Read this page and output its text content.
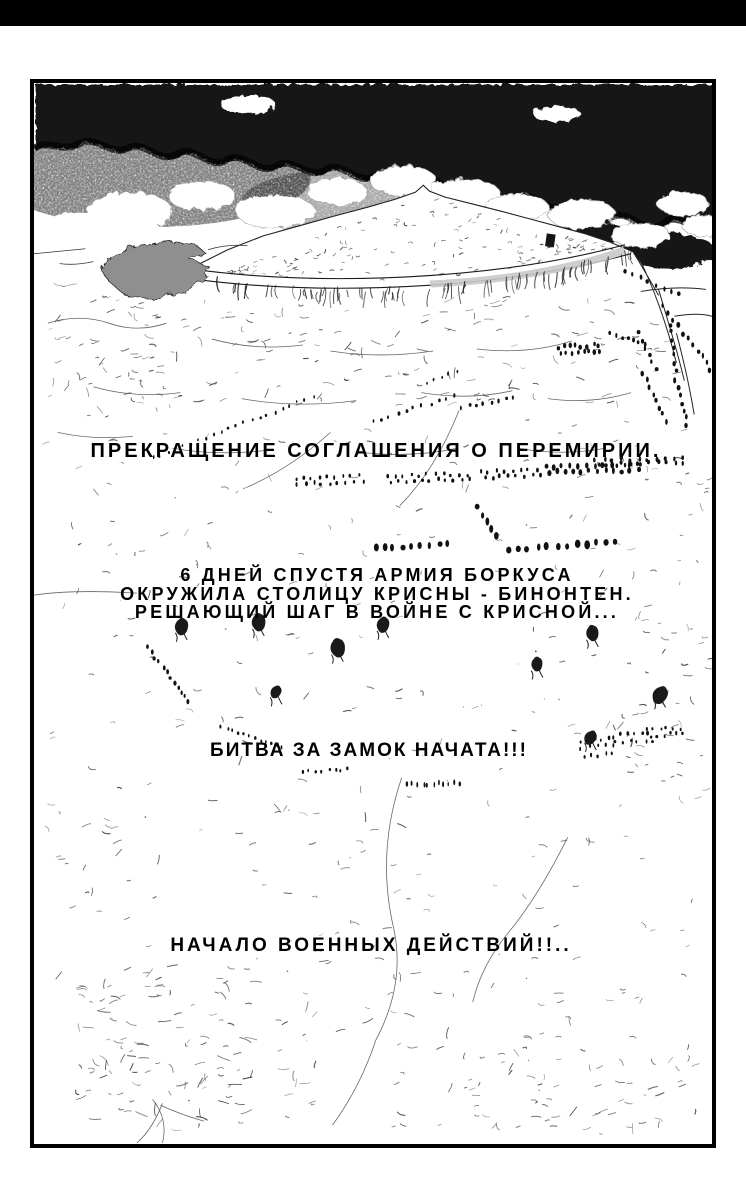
ПРЕКРАЩЕНИЕ СОГЛАШЕНИЯ О ПЕРЕМИРИИ.
6 ДНЕЙ СПУСТЯ АРМИЯ БОРКУСА
ОКРУЖИЛА СТОЛИЦУ КРИСНЫ - БИНОНТЕН.
РЕШАЮЩИЙ ШАГ В ВОЙНЕ С КРИСНОЙ...
БИТВА ЗА ЗАМОК НАЧАТА!!!
НАЧАЛО ВОЕННЫХ ДЕЙСТВИЙ!!..
